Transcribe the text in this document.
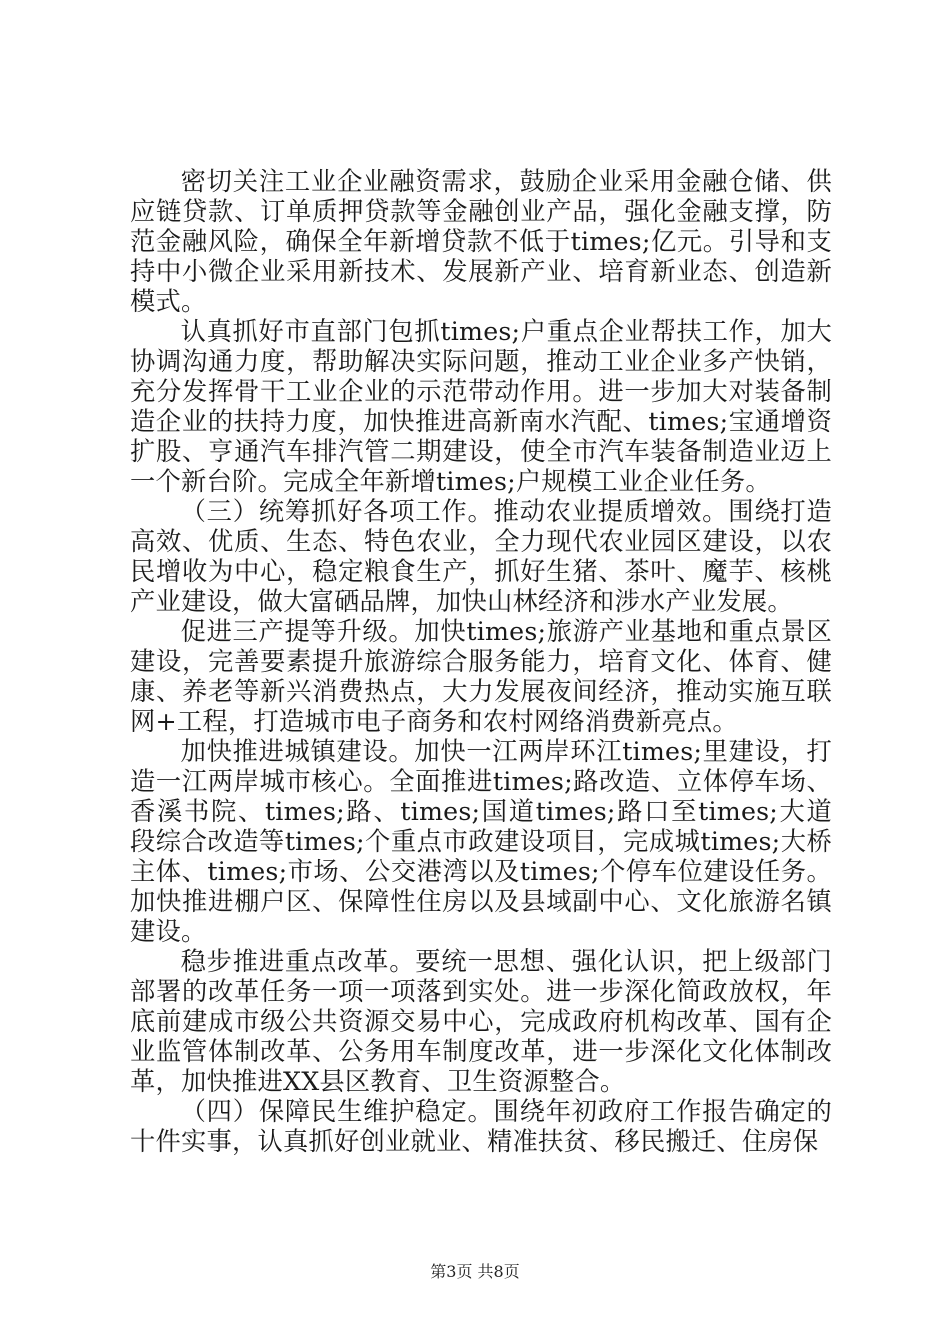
密切关注工业企业融资需求，鼓励企业采用金融仓储、供应链贷款、订单质押贷款等金融创业产品，强化金融支撑，防范金融风险，确保全年新增贷款不低于times;亿元。引导和支持中小微企业采用新技术、发展新产业、培育新业态、创造新模式。

认真抓好市直部门包抓times;户重点企业帮扶工作，加大协调沟通力度，帮助解决实际问题，推动工业企业多产快销，充分发挥骨干工业企业的示范带动作用。进一步加大对装备制造企业的扶持力度，加快推进高新南水汽配、times;宝通增资扩股、亨通汽车排汽管二期建设，使全市汽车装备制造业迈上一个新台阶。完成全年新增times;户规模工业企业任务。

（三）统筹抓好各项工作。推动农业提质增效。围绕打造高效、优质、生态、特色农业，全力现代农业园区建设，以农民增收为中心，稳定粮食生产，抓好生猪、茶叶、魔芋、核桃产业建设，做大富硒品牌，加快山林经济和涉水产业发展。

促进三产提等升级。加快times;旅游产业基地和重点景区建设，完善要素提升旅游综合服务能力，培育文化、体育、健康、养老等新兴消费热点，大力发展夜间经济，推动实施互联网+工程，打造城市电子商务和农村网络消费新亮点。

加快推进城镇建设。加快一江两岸环江times;里建设，打造一江两岸城市核心。全面推进times;路改造、立体停车场、香溪书院、times;路、times;国道times;路口至times;大道段综合改造等times;个重点市政建设项目，完成城times;大桥主体、times;市场、公交港湾以及times;个停车位建设任务。加快推进棚户区、保障性住房以及县域副中心、文化旅游名镇建设。

稳步推进重点改革。要统一思想、强化认识，把上级部门部署的改革任务一项一项落到实处。进一步深化简政放权，年底前建成市级公共资源交易中心，完成政府机构改革、国有企业监管体制改革、公务用车制度改革，进一步深化文化体制改革，加快推进XX县区教育、卫生资源整合。

（四）保障民生维护稳定。围绕年初政府工作报告确定的十件实事，认真抓好创业就业、精准扶贫、移民搬迁、住房保

第3页 共8页
